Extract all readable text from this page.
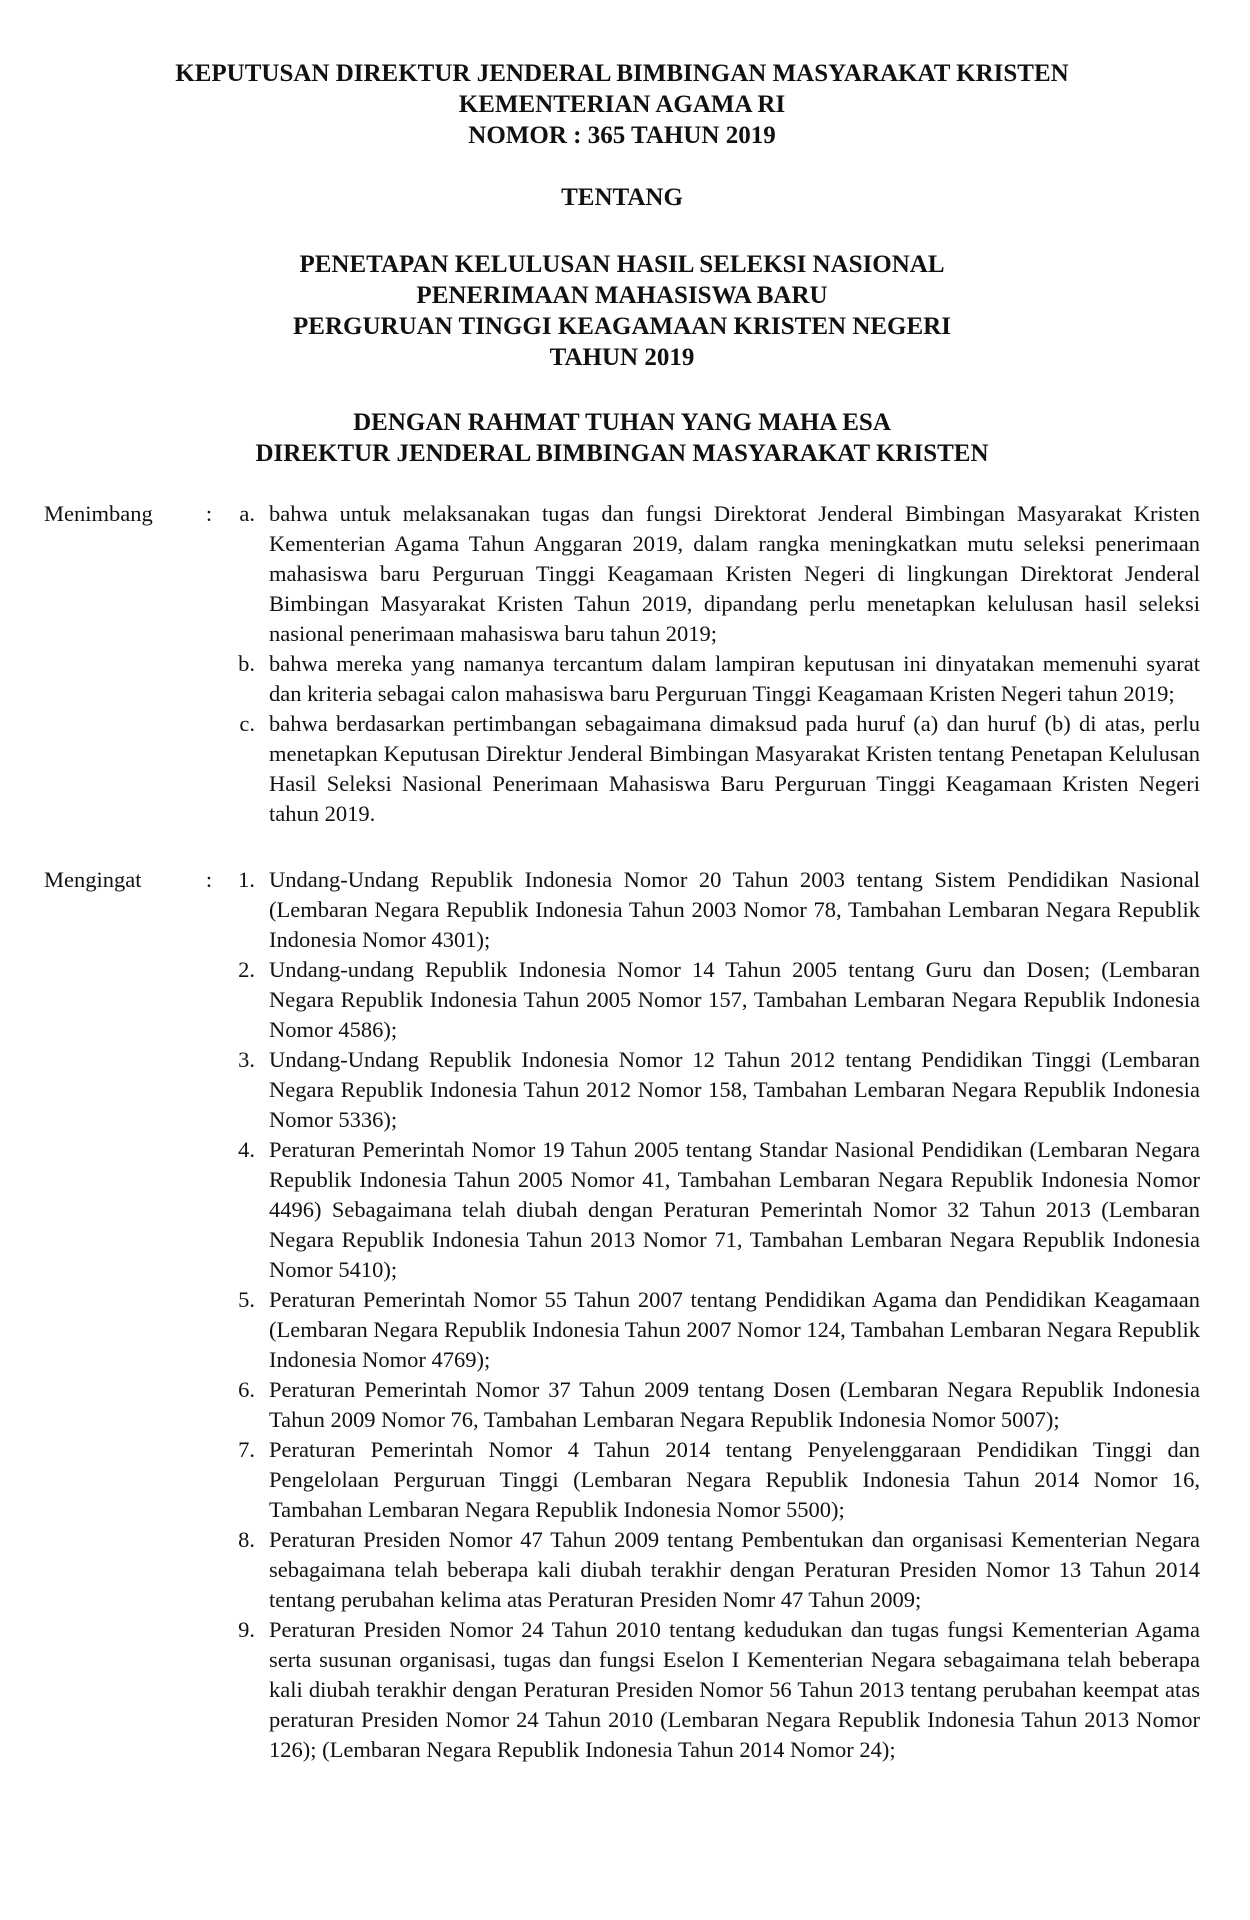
KEPUTUSAN DIREKTUR JENDERAL BIMBINGAN MASYARAKAT KRISTEN
KEMENTERIAN AGAMA RI
NOMOR : 365 TAHUN 2019
TENTANG
PENETAPAN KELULUSAN HASIL SELEKSI NASIONAL
PENERIMAAN MAHASISWA BARU
PERGURUAN TINGGI KEAGAMAAN KRISTEN NEGERI
TAHUN 2019
DENGAN RAHMAT TUHAN YANG MAHA ESA
DIREKTUR JENDERAL BIMBINGAN MASYARAKAT KRISTEN
Menimbang	:	a. bahwa untuk melaksanakan tugas dan fungsi Direktorat Jenderal Bimbingan Masyarakat Kristen Kementerian Agama Tahun Anggaran 2019, dalam rangka meningkatkan mutu seleksi penerimaan mahasiswa baru Perguruan Tinggi Keagamaan Kristen Negeri di lingkungan Direktorat Jenderal Bimbingan Masyarakat Kristen Tahun 2019, dipandang perlu menetapkan kelulusan hasil seleksi nasional penerimaan mahasiswa baru tahun 2019;
b. bahwa mereka yang namanya tercantum dalam lampiran keputusan ini dinyatakan memenuhi syarat dan kriteria sebagai calon mahasiswa baru Perguruan Tinggi Keagamaan Kristen Negeri tahun 2019;
c. bahwa berdasarkan pertimbangan sebagaimana dimaksud pada huruf (a) dan huruf (b) di atas, perlu menetapkan Keputusan Direktur Jenderal Bimbingan Masyarakat Kristen tentang Penetapan Kelulusan Hasil Seleksi Nasional Penerimaan Mahasiswa Baru Perguruan Tinggi Keagamaan Kristen Negeri tahun 2019.
Mengingat	:	1. Undang-Undang Republik Indonesia Nomor 20 Tahun 2003 tentang Sistem Pendidikan Nasional (Lembaran Negara Republik Indonesia Tahun 2003 Nomor 78, Tambahan Lembaran Negara Republik Indonesia Nomor 4301);
2. Undang-undang Republik Indonesia Nomor 14 Tahun 2005 tentang Guru dan Dosen; (Lembaran Negara Republik Indonesia Tahun 2005 Nomor 157, Tambahan Lembaran Negara Republik Indonesia Nomor 4586);
3. Undang-Undang Republik Indonesia Nomor 12 Tahun 2012 tentang Pendidikan Tinggi (Lembaran Negara Republik Indonesia Tahun 2012 Nomor 158, Tambahan Lembaran Negara Republik Indonesia Nomor 5336);
4. Peraturan Pemerintah Nomor 19 Tahun 2005 tentang Standar Nasional Pendidikan (Lembaran Negara Republik Indonesia Tahun 2005 Nomor 41, Tambahan Lembaran Negara Republik Indonesia Nomor 4496) Sebagaimana telah diubah dengan Peraturan Pemerintah Nomor 32 Tahun 2013 (Lembaran Negara Republik Indonesia Tahun 2013 Nomor 71, Tambahan Lembaran Negara Republik Indonesia Nomor 5410);
5. Peraturan Pemerintah Nomor 55 Tahun 2007 tentang Pendidikan Agama dan Pendidikan Keagamaan (Lembaran Negara Republik Indonesia Tahun 2007 Nomor 124, Tambahan Lembaran Negara Republik Indonesia Nomor 4769);
6. Peraturan Pemerintah Nomor 37 Tahun 2009 tentang Dosen (Lembaran Negara Republik Indonesia Tahun 2009 Nomor 76, Tambahan Lembaran Negara Republik Indonesia Nomor 5007);
7. Peraturan Pemerintah Nomor 4 Tahun 2014 tentang Penyelenggaraan Pendidikan Tinggi dan Pengelolaan Perguruan Tinggi (Lembaran Negara Republik Indonesia Tahun 2014 Nomor 16, Tambahan Lembaran Negara Republik Indonesia Nomor 5500);
8. Peraturan Presiden Nomor 47 Tahun 2009 tentang Pembentukan dan organisasi Kementerian Negara sebagaimana telah beberapa kali diubah terakhir dengan Peraturan Presiden Nomor 13 Tahun 2014 tentang perubahan kelima atas Peraturan Presiden Nomr 47 Tahun 2009;
9. Peraturan Presiden Nomor 24 Tahun 2010 tentang kedudukan dan tugas fungsi Kementerian Agama serta susunan organisasi, tugas dan fungsi Eselon I Kementerian Negara sebagaimana telah beberapa kali diubah terakhir dengan Peraturan Presiden Nomor 56 Tahun 2013 tentang perubahan keempat atas peraturan Presiden Nomor 24 Tahun 2010 (Lembaran Negara Republik Indonesia Tahun 2013 Nomor 126); (Lembaran Negara Republik Indonesia Tahun 2014 Nomor 24);
